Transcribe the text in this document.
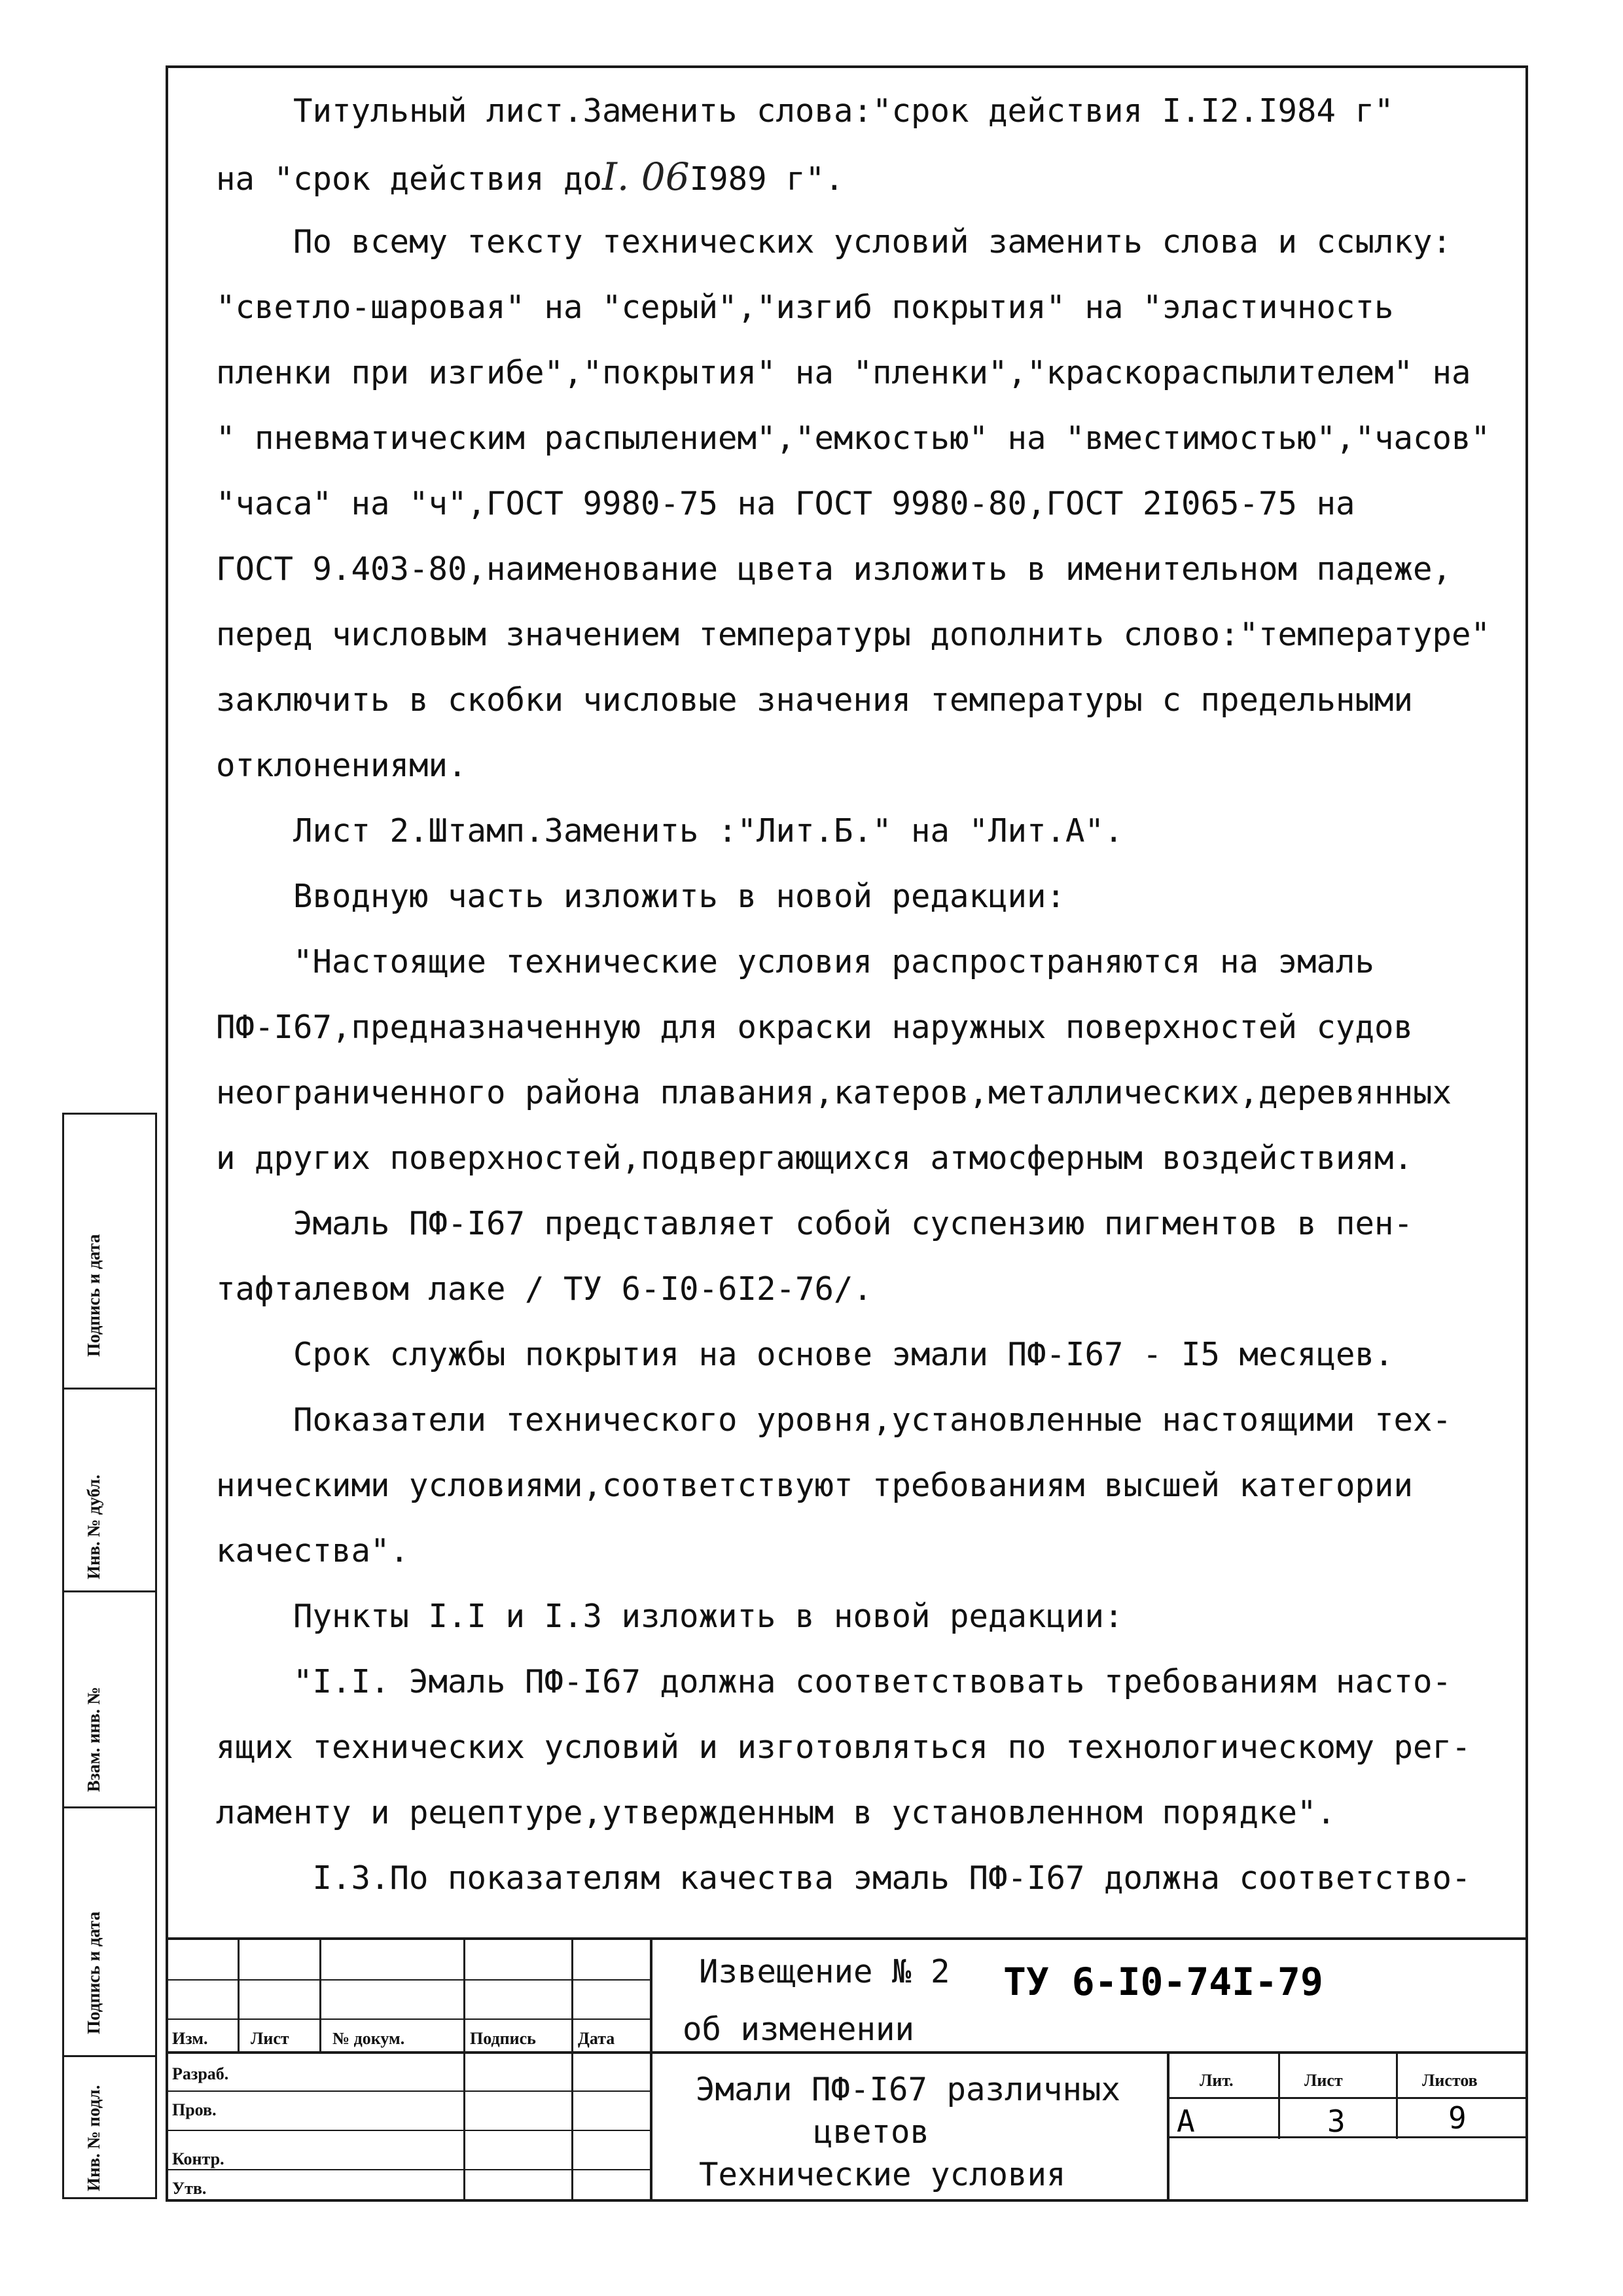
Титульный лист.Заменить слова:"срок действия I.I2.I984 г"
на "срок действия доI. 06I989 г".
По всему тексту технических условий заменить слова и ссылку:
"светло-шаровая" на "серый","изгиб покрытия" на "эластичность
пленки при изгибе","покрытия" на "пленки","краскораспылителем" на
" пневматическим распылением","емкостью" на "вместимостью","часов"
"часа" на "ч",ГОСТ 9980-75 на ГОСТ 9980-80,ГОСТ 2I065-75 на
ГОСТ 9.403-80,наименование цвета изложить в именительном падеже,
перед числовым значением температуры дополнить слово:"температуре"
заключить в скобки числовые значения температуры с предельными
отклонениями.
Лист 2.Штамп.Заменить :"Лит.Б." на "Лит.А".
Вводную часть изложить в новой редакции:
"Настоящие технические условия распространяются на эмаль
ПФ-I67,предназначенную для окраски наружных поверхностей судов
неограниченного района плавания,катеров,металлических,деревянных
и других поверхностей,подвергающихся атмосферным воздействиям.
Эмаль ПФ-I67 представляет собой суспензию пигментов в пен-
тафталевом лаке / ТУ 6-I0-6I2-76/.
Срок службы покрытия на основе эмали ПФ-I67 - I5 месяцев.
Показатели технического уровня,установленные настоящими тех-
ническими условиями,соответствуют требованиям высшей категории
качества".
Пункты I.I и I.3 изложить в новой редакции:
"I.I. Эмаль ПФ-I67 должна соответствовать требованиям насто-
ящих технических условий и изготовляться по технологическому рег-
ламенту и рецептуре,утвержденным в установленном порядке".
I.3.По показателям качества эмаль ПФ-I67 должна соответство-
Подпись и дата
Инв. № дубл.
Взам. инв. №
Подпись и дата
Инв. № подл.
Изм.	Лист	№ докум.	Подпись Дата
Извещение № 2
об изменении
ТУ 6-I0-74I-79
Разраб.
Пров.
Контр.
Утв.
Эмали ПФ-I67 различных
цветов
Технические условия
Лит.	Лист	Листов
А	3	9
